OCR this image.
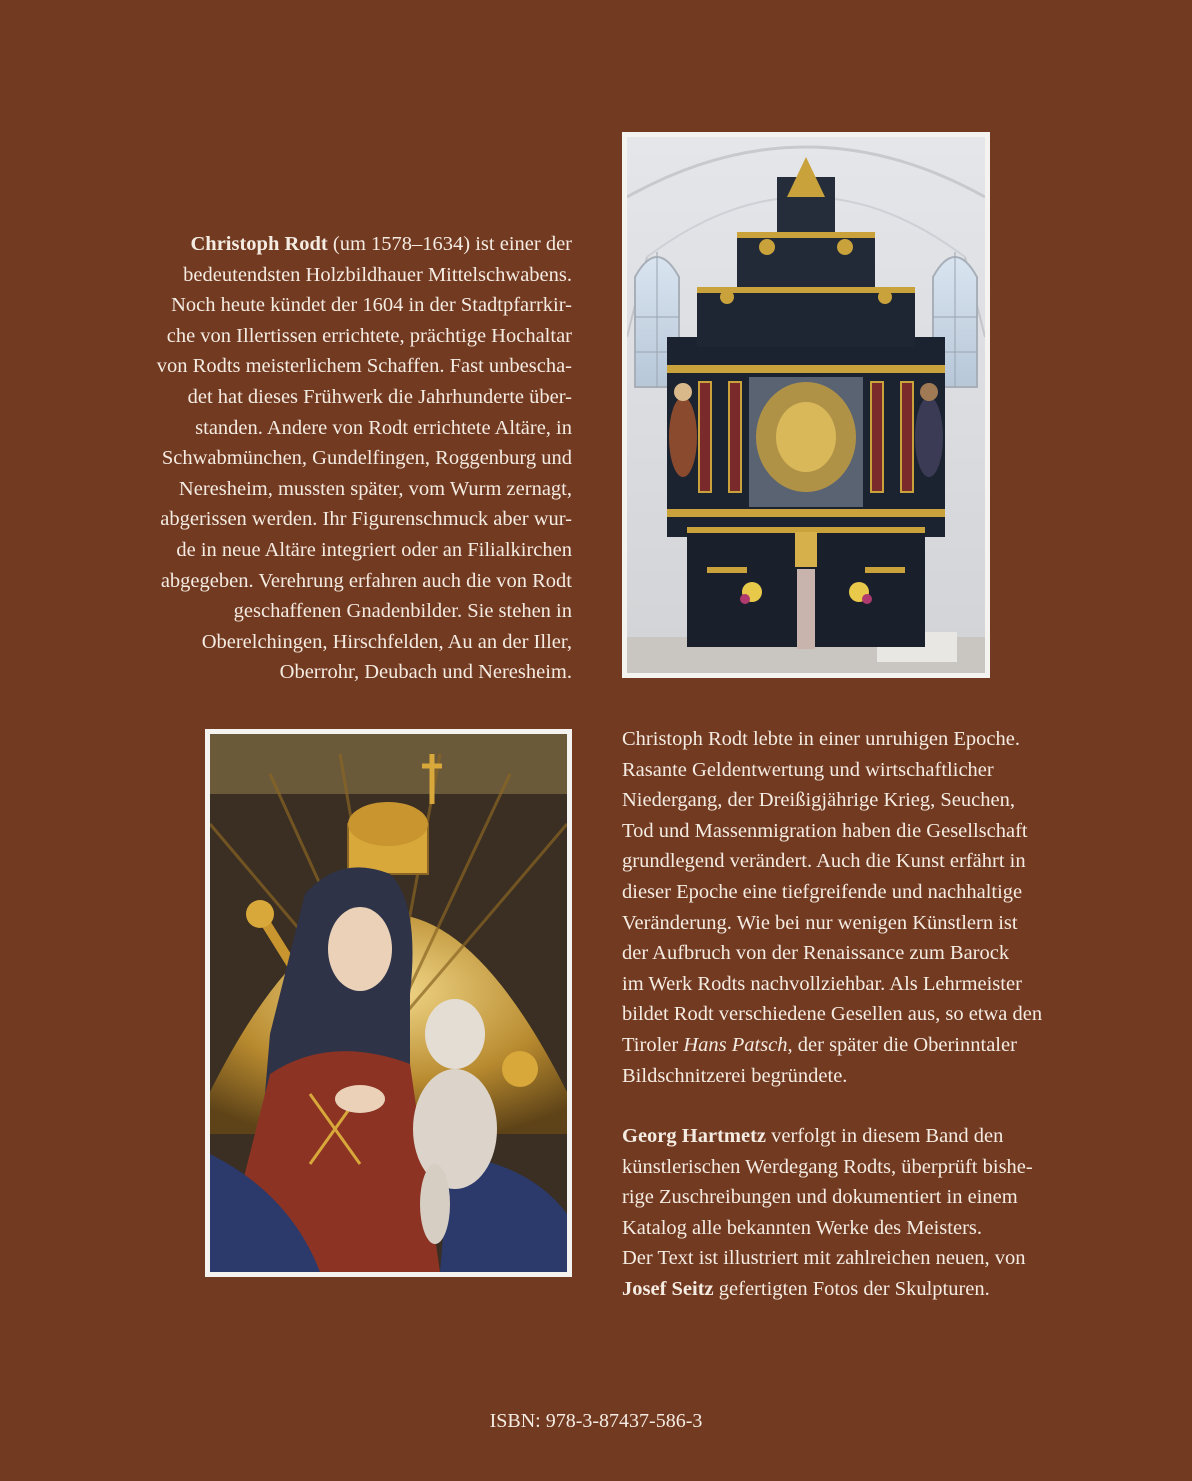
Christoph Rodt (um 1578–1634) ist einer der
bedeutendsten Holzbildhauer Mittelschwabens.
Noch heute kündet der 1604 in der Stadtpfarrkir-
che von Illertissen errichtete, prächtige Hochaltar
von Rodts meisterlichem Schaffen. Fast unbescha-
det hat dieses Frühwerk die Jahrhunderte über-
standen. Andere von Rodt errichtete Altäre, in
Schwabmünchen, Gundelfingen, Roggenburg und
Neresheim, mussten später, vom Wurm zernagt,
abgerissen werden. Ihr Figurenschmuck aber wur-
de in neue Altäre integriert oder an Filialkirchen
abgegeben. Verehrung erfahren auch die von Rodt
geschaffenen Gnadenbilder. Sie stehen in
Oberelchingen, Hirschfelden, Au an der Iller,
Oberrohr, Deubach und Neresheim.
Christoph Rodt lebte in einer unruhigen Epoche.
Rasante Geldentwertung und wirtschaftlicher
Niedergang, der Dreißigjährige Krieg, Seuchen,
Tod und Massenmigration haben die Gesellschaft
grundlegend verändert. Auch die Kunst erfährt in
dieser Epoche eine tiefgreifende und nachhaltige
Veränderung. Wie bei nur wenigen Künstlern ist
der Aufbruch von der Renaissance zum Barock
im Werk Rodts nachvollziehbar. Als Lehrmeister
bildet Rodt verschiedene Gesellen aus, so etwa den
Tiroler Hans Patsch, der später die Oberinntaler
Bildschnitzerei begründete.
Georg Hartmetz verfolgt in diesem Band den
künstlerischen Werdegang Rodts, überprüft bishe-
rige Zuschreibungen und dokumentiert in einem
Katalog alle bekannten Werke des Meisters.
Der Text ist illustriert mit zahlreichen neuen, von
Josef Seitz gefertigten Fotos der Skulpturen.
ISBN: 978-3-87437-586-3
